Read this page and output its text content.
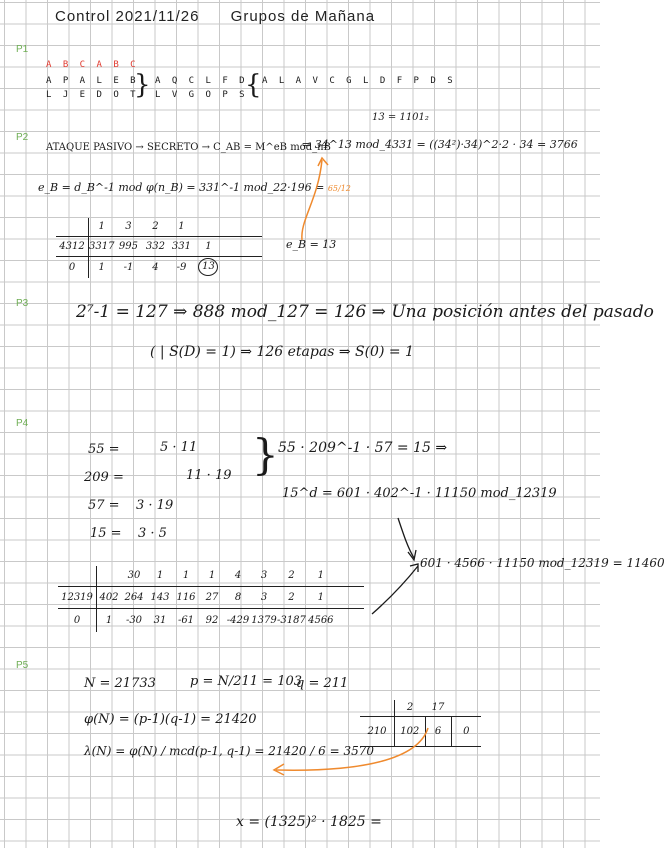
Control 2021/11/26 Grupos de Mañana
P1
A B C A B C
A P A L E B
} A Q C L F D
{ A L A V C G L D F P D S
L J E D O T L V G O P S
P2
13 = 1101₂
ATAQUE PASIVO → SECRETO → C_AB = M^eB mod_nB
⇒ 34^13 mod_4331 = ((34²)·34)^2·2 · 34 = 3766
e_B = d_B^-1 mod φ(n_B) = 331^-1 mod_22·196 = 65/12
e_B = 13
	1	3	2	1		
4312	3317	995	332	331	1	
0	1	-1	4	-9	13	
P3	2⁷-1 = 127 ⇒ 888 mod_127 = 126 ⇒ Una posición antes del pasado
( | S(D) = 1) ⇒ 126 etapas ⇒ S(0) = 1
P4
55 =	5 · 11
209 =	11 · 19
57 = 3 · 19
15 = 3 · 5
} 55 · 209^-1 · 57 = 15 ⇒
15^d = 601 · 402^-1 · 11150 mod_12319
601 · 4566 · 11150 mod_12319 = 11460
		30	1	1	1	4	3	2	1	
12319	402	264	143	116	27	8	3	2	1	
0	1	-30	31	-61	92	-429	1379	-3187	4566	
P5
N = 21733	p = N/211 = 103
q = 211
φ(N) = (p-1)(q-1) = 21420
λ(N) = φ(N) / mcd(p-1, q-1) = 21420 / 6 = 3570
	2	17	
210	102	6	0
x = (1325)² · 1825 =
